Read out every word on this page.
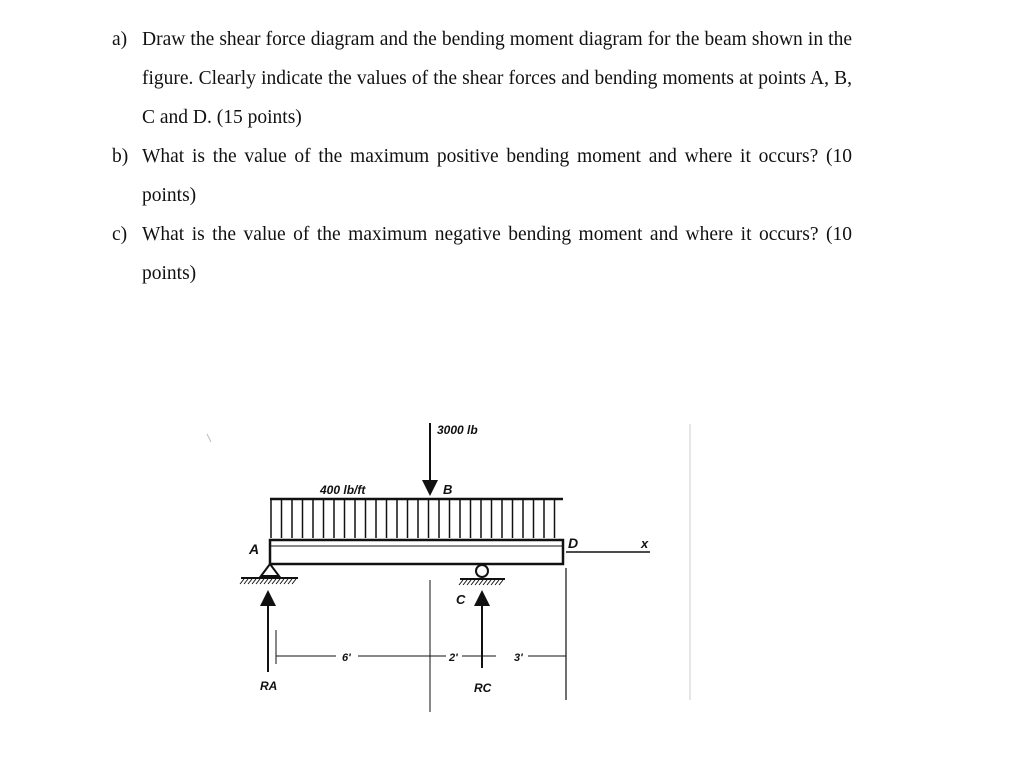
a) Draw the shear force diagram and the bending moment diagram for the beam shown in the figure. Clearly indicate the values of the shear forces and bending moments at points A, B, C and D. (15 points)
b) What is the value of the maximum positive bending moment and where it occurs? (10 points)
c) What is the value of the maximum negative bending moment and where it occurs? (10 points)
3000 lb
400 lb/ft	B
A
C
RA	RC
D	x
6'	2'	3'
